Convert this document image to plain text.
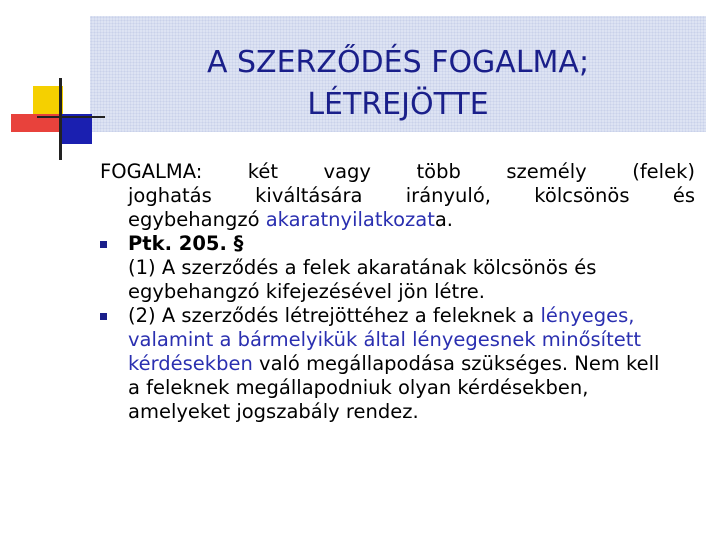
A SZERZŐDÉS FOGALMA;
LÉTREJÖTTE

FOGALMA: két vagy több személy (felek)
joghatás kiváltására irányuló, kölcsönös és
egybehangzó akaratnyilatkozata.

Ptk. 205. §
(1) A szerződés a felek akaratának kölcsönös és
egybehangzó kifejezésével jön létre.
(2) A szerződés létrejöttéhez a feleknek a lényeges,
valamint a bármelyikük által lényegesnek minősített
kérdésekben való megállapodása szükséges. Nem kell
a feleknek megállapodniuk olyan kérdésekben,
amelyeket jogszabály rendez.
